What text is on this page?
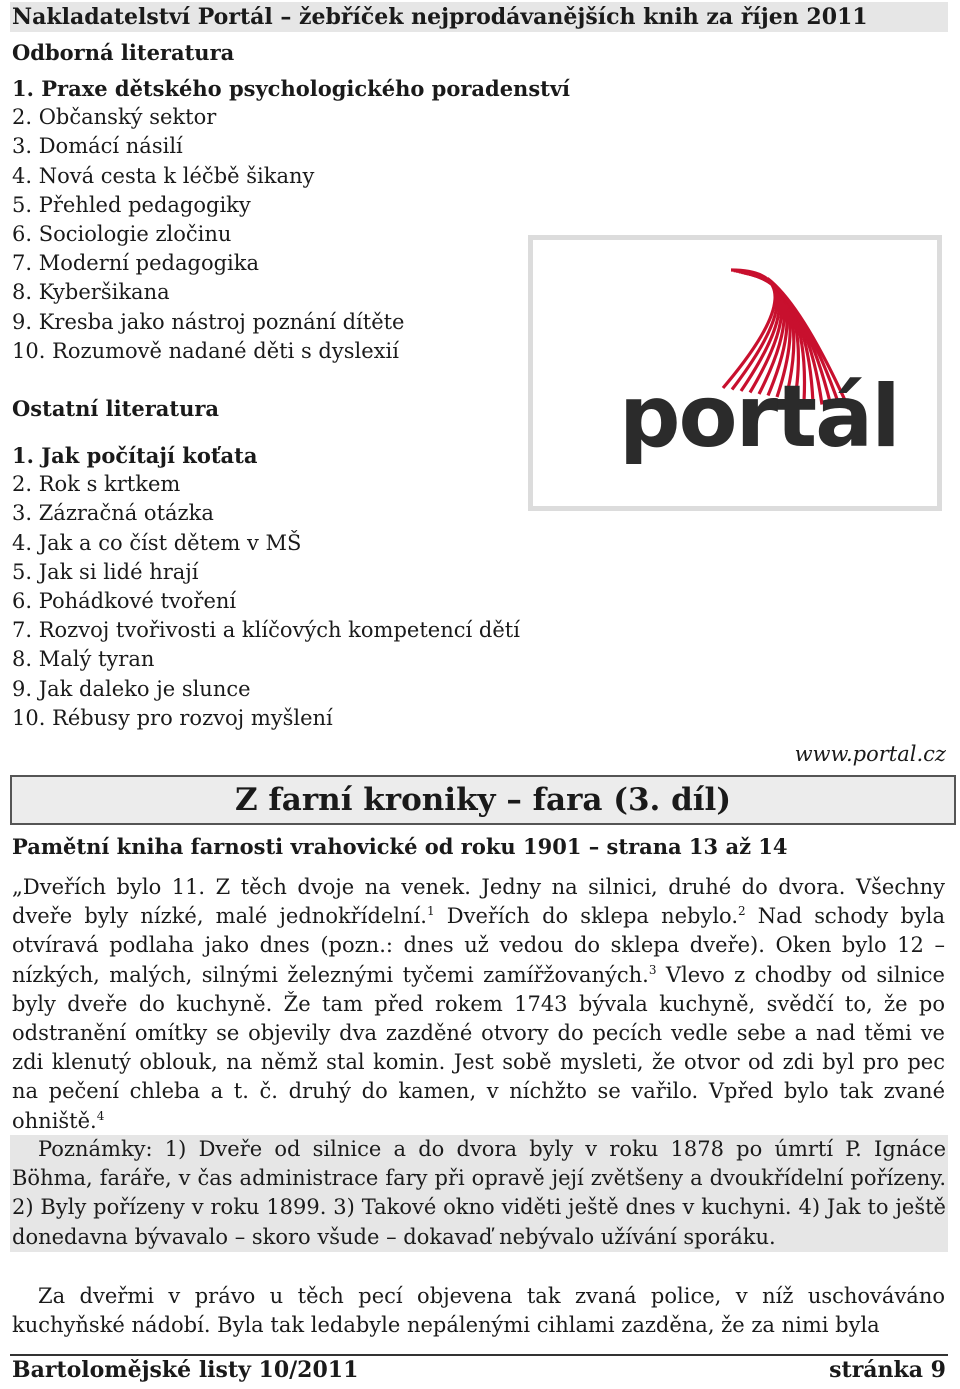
Nakladatelství Portál – žebříček nejprodávanějších knih za říjen 2011
Odborná literatura
1. Praxe dětského psychologického poradenství
2. Občanský sektor
3. Domácí násilí
4. Nová cesta k léčbě šikany
5. Přehled pedagogiky
6. Sociologie zločinu
7. Moderní pedagogika
8. Kyberšikana
9. Kresba jako nástroj poznání dítěte
10. Rozumově nadané děti s dyslexií
Ostatní literatura
1. Jak počítají koťata
2. Rok s krtkem
3. Zázračná otázka
4. Jak a co číst dětem v MŠ
5. Jak si lidé hrají
6. Pohádkové tvoření
7. Rozvoj tvořivosti a klíčových kompetencí dětí
8. Malý tyran
9. Jak daleko je slunce
10. Rébusy pro rozvoj myšlení
portál
www.portal.cz
Z farní kroniky – fara (3. díl)
Pamětní kniha farnosti vrahovické od roku 1901 – strana 13 až 14

„Dveřích bylo 11. Z těch dvoje na venek. Jedny na silnici, druhé do dvora. Všechny dveře byly nízké, malé jednokřídelní.$^1$ Dveřích do sklepa nebylo.$^2$ Nad schody byla otvíravá podlaha jako dnes (pozn.: dnes už vedou do sklepa dveře). Oken bylo 12 – nízkých, malých, silnými železnými tyčemi zamířžovaných.$^3$ Vlevo z chodby od silnice byly dveře do kuchyně. Že tam před rokem 1743 bývala kuchyně, svědčí to, že po odstranění omítky se objevily dva zazděné otvory do pecích vedle sebe a nad těmi ve zdi klenutý oblouk, na němž stal komin. Jest sobě mysleti, že otvor od zdi byl pro pec na pečení chleba a t. č. druhý do kamen, v níchžto se vařilo. Vpřed bylo tak zvané ohniště.$^4$

Poznámky: 1) Dveře od silnice a do dvora byly v roku 1878 po úmrtí P. Ignáce Böhma, faráře, v čas administrace fary při opravě její zvětšeny a dvoukřídelní pořízeny. 2) Byly pořízeny v roku 1899. 3) Takové okno viděti ještě dnes v kuchyni. 4) Jak to ještě donedavna bývavalo – skoro všude – dokavaď nebývalo užívání sporáku.

Za dveřmi v právo u těch pecí objevena tak zvaná police, v níž uschováváno kuchyňské nádobí. Byla tak ledabyle nepálenými cihlami zazděna, že za nimi byla

Bartolomějské listy 10/2011	stránka 9
